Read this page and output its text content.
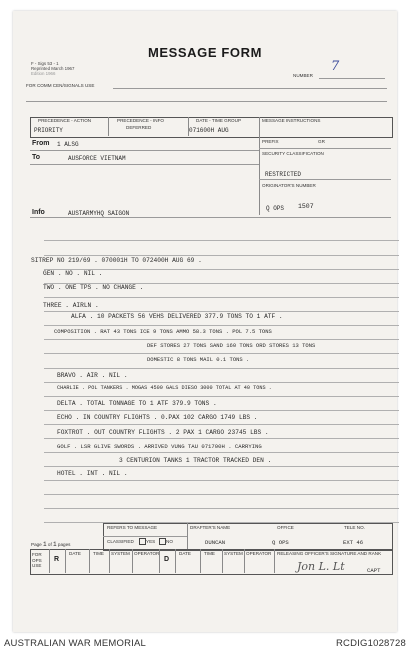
F - Sigs 53 - 1
Reprinted March 1967
Edition 1966
MESSAGE FORM
NUMBER
7
FOR COMM CEN/SIGNALS USE
PRECEDENCE - ACTION
PRIORITY
PRECEDENCE - INFO
DEFERRED
DATE - TIME GROUP
071600H AUG
MESSAGE INSTRUCTIONS
PREFIX	GR
SECURITY CLASSIFICATION
RESTRICTED
ORIGINATOR'S NUMBER
Q OPS 1507
From 1 ALSG
To	AUSFORCE VIETNAM
Info	AUSTARMYHQ SAIGON
SITREP NO 219/69 . 070001H TO 072400H AUG 69 .
GEN . NO . NIL .
TWO . ONE TPS . NO CHANGE .
THREE . AIRLN .
ALFA . 10 PACKETS 56 VEHS DELIVERED 377.9 TONS TO 1 ATF .
COMPOSITION . RAT 43 TONS ICE 9 TONS AMMO 58.3 TONS . POL 7.5 TONS
DEF STORES 27 TONS SAND 160 TONS ORD STORES 13 TONS
DOMESTIC 8 TONS MAIL 0.1 TONS .
BRAVO . AIR . NIL .
CHARLIE . POL TANKERS . MOGAS 4500 GALS DIESO 3000 TOTAL AT 40 TONS .
DELTA . TOTAL TONNAGE TO 1 ATF 379.9 TONS .
ECHO . IN COUNTRY FLIGHTS . 0.PAX 102 CARGO 1749 LBS .
FOXTROT . OUT COUNTRY FLIGHTS . 2 PAX 1 CARGO 23745 LBS .
GOLF . LSR GLIVE SWORDS . ARRIVED VUNG TAU 071700H . CARRYING
3 CENTURION TANKS 1 TRACTOR TRACKED DEN .
HOTEL . INT . NIL .
Page 1 of 1 pages
REFERS TO MESSAGE
CLASSIFIED	YES NO
DRAFTER'S NAME
DUNCAN
OFFICE
Q OPS
TELE NO.
EXT 46
FOR OPS USE
R
DATE	TIME SYSTEM OPERATOR
D
DATE	TIME SYSTEM OPERATOR RELEASING OFFICER'S SIGNATURE AND RANK
Jon L. Lt	CAPT
AUSTRALIAN WAR MEMORIAL	RCDIG1028728
